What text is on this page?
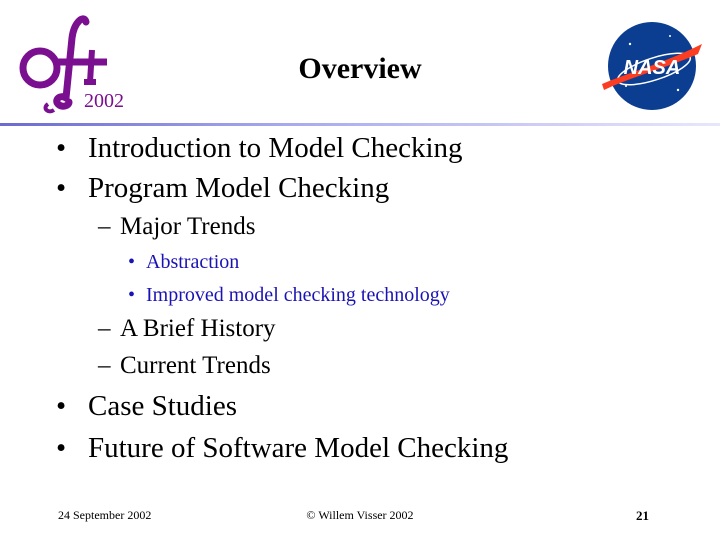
2002
Overview	NASA
• Introduction to Model Checking
• Program Model Checking
– Major Trends
• Abstraction
• Improved model checking technology
– A Brief History
– Current Trends
• Case Studies
• Future of Software Model Checking
24 September 2002	© Willem Visser 2002	21
